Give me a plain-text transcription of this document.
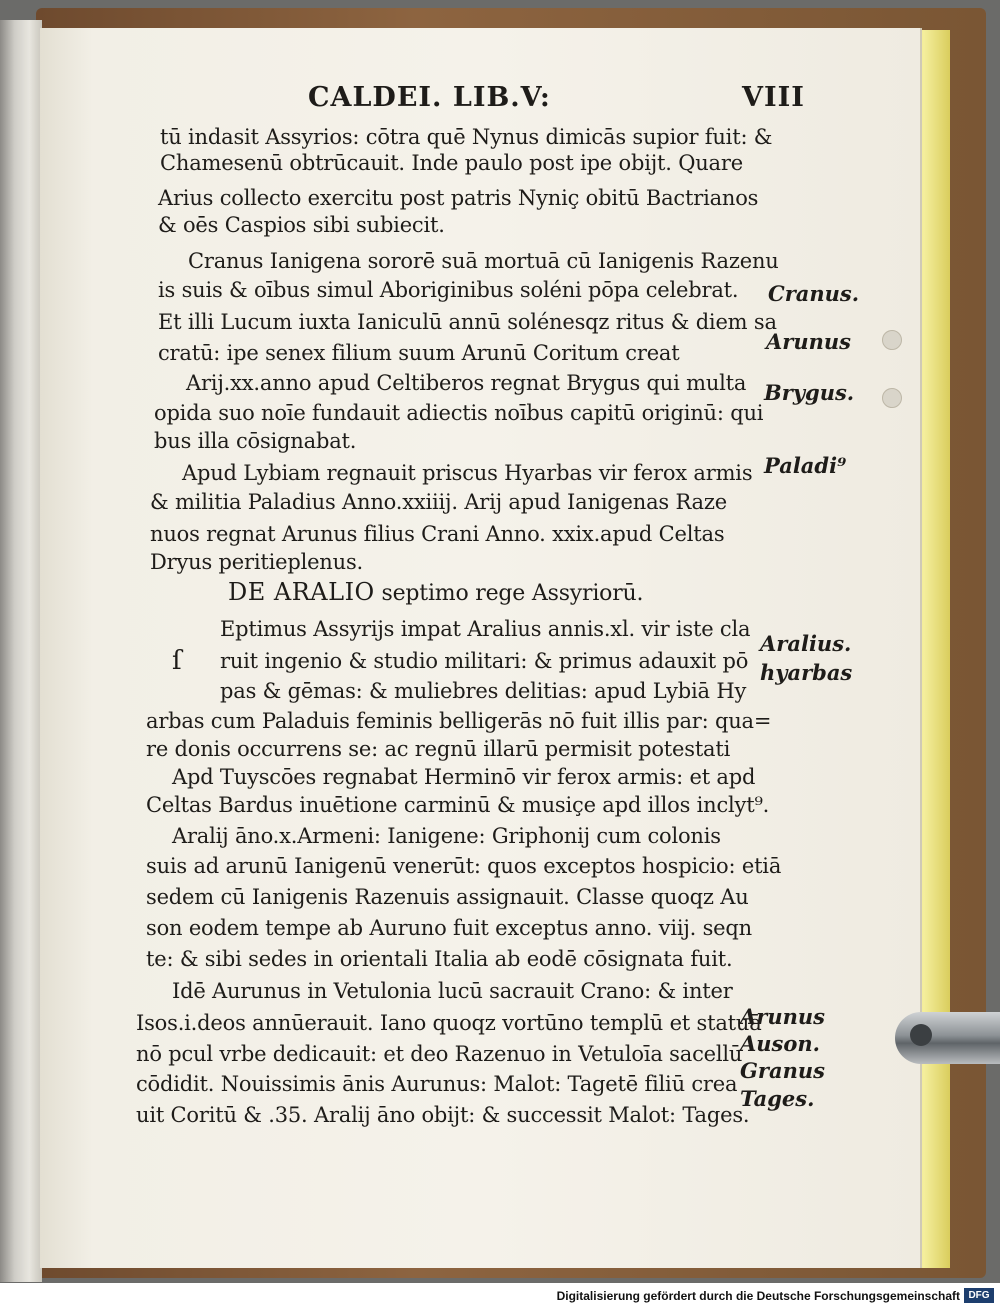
CALDEI. LIB.V:	VIII
tū indasit Assyrios: cōtra quē Nynus dimicās supior fuit: &
Chamesenū obtrūcauit. Inde paulo post ipe obijt. Quare
Arius collecto exercitu post patris Nyniç obitū Bactrianos
& oēs Caspios sibi subiecit.
Cranus Ianigena sororē suā mortuā cū Ianigenis Razenu
is suis & oībus simul Aboriginibus soléni pōpa celebrat.
Et illi Lucum iuxta Ianiculū annū solénesqz ritus & diem sa
cratū: ipe senex filium suum Arunū Coritum creat
Arij.xx.anno apud Celtiberos regnat Brygus qui multa
opida suo noīe fundauit adiectis noībus capitū originū: qui
bus illa cōsignabat.
Apud Lybiam regnauit priscus Hyarbas vir ferox armis
& militia Paladius Anno.xxiiij. Arij apud Ianigenas Raze
nuos regnat Arunus filius Crani Anno. xxix.apud Celtas
Dryus peritieplenus.
DE ARALIO septimo rege Assyriorū.
ſ
Eptimus Assyrijs impat Aralius annis.xl. vir iste cla
ruit ingenio & studio militari: & primus adauxit pō
pas & gēmas: & muliebres delitias: apud Lybiā Hy
arbas cum Paladuis feminis belligerās nō fuit illis par: qua=
re donis occurrens se: ac regnū illarū permisit potestati
Apd Tuyscōes regnabat Herminō vir ferox armis: et apd
Celtas Bardus inuētione carminū & musiçe apd illos inclyt⁹.
Aralij āno.x.Armeni: Ianigene: Griphonij cum colonis
suis ad arunū Ianigenū venerūt: quos exceptos hospicio: etiā
sedem cū Ianigenis Razenuis assignauit. Classe quoqz Au
son eodem tempe ab Auruno fuit exceptus anno. viij. seqn
te: & sibi sedes in orientali Italia ab eodē cōsignata fuit.
Idē Aurunus in Vetulonia lucū sacrauit Crano: & inter
Isos.i.deos annūerauit. Iano quoqz vortūno templū et statuā
nō pcul vrbe dedicauit: et deo Razenuo in Vetuloīa sacellū
cōdidit. Nouissimis ānis Aurunus: Malot: Tagetē filiū crea
uit Coritū & .35. Aralij āno obijt: & successit Malot: Tages.
Cranus.
Arunus
Brygus.
Paladi⁹
Aralius.
hyarbas
Arunus
Auson.
Granus
Tages.
Digitalisierung gefördert durch die Deutsche Forschungsgemeinschaft DFG
